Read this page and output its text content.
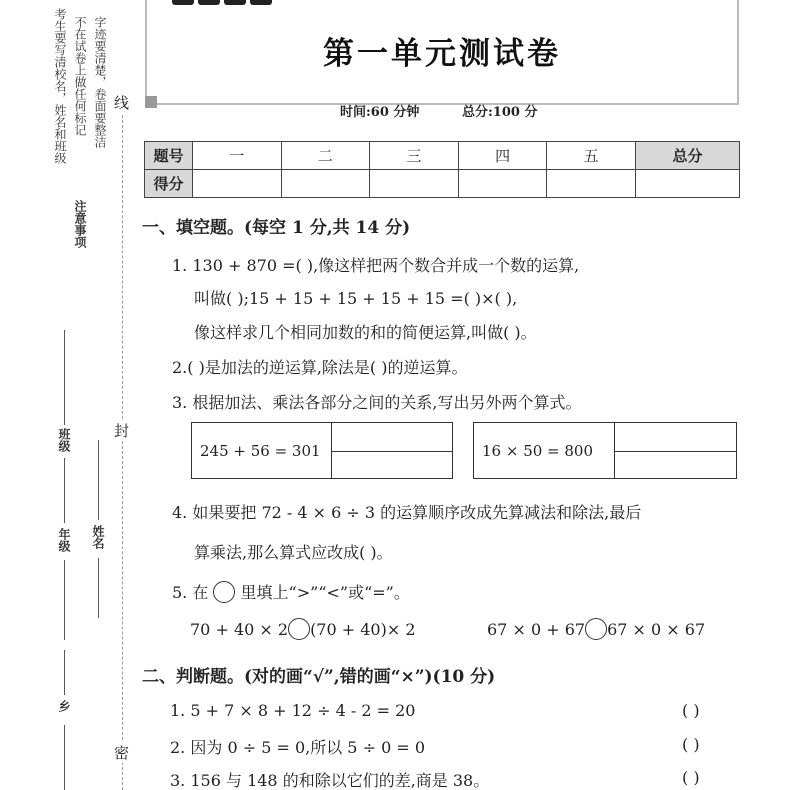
考生要写清校名，姓名和班级 不在试卷上做任何标记 字迹要清楚，卷面要整洁
注意事项
班级
年级 姓名
乡
线
封
密
第一单元测试卷
时间:60 分钟	总分:100 分
题号	一	二	三	四	五	总分
得分						
一、填空题。(每空 1 分,共 14 分)
1. 130 + 870 =( ),像这样把两个数合并成一个数的运算,
叫做( );15 + 15 + 15 + 15 + 15 =( )×( ),
像这样求几个相同加数的和的简便运算,叫做( )。
2.( )是加法的逆运算,除法是( )的逆运算。
3. 根据加法、乘法各部分之间的关系,写出另外两个算式。
245 + 56 = 301	16 × 50 = 800
4. 如果要把 72 - 4 × 6 ÷ 3 的运算顺序改成先算减法和除法,最后
算乘法,那么算式应改成( )。
5. 在 里填上“>”“<”或“=”。
70 + 40 × 2 (70 + 40)× 2	67 × 0 + 67 67 × 0 × 67
二、判断题。(对的画“√”,错的画“×”)(10 分)
1. 5 + 7 × 8 + 12 ÷ 4 - 2 = 20	( )
2. 因为 0 ÷ 5 = 0,所以 5 ÷ 0 = 0	( )
3. 156 与 148 的和除以它们的差,商是 38。	( )
